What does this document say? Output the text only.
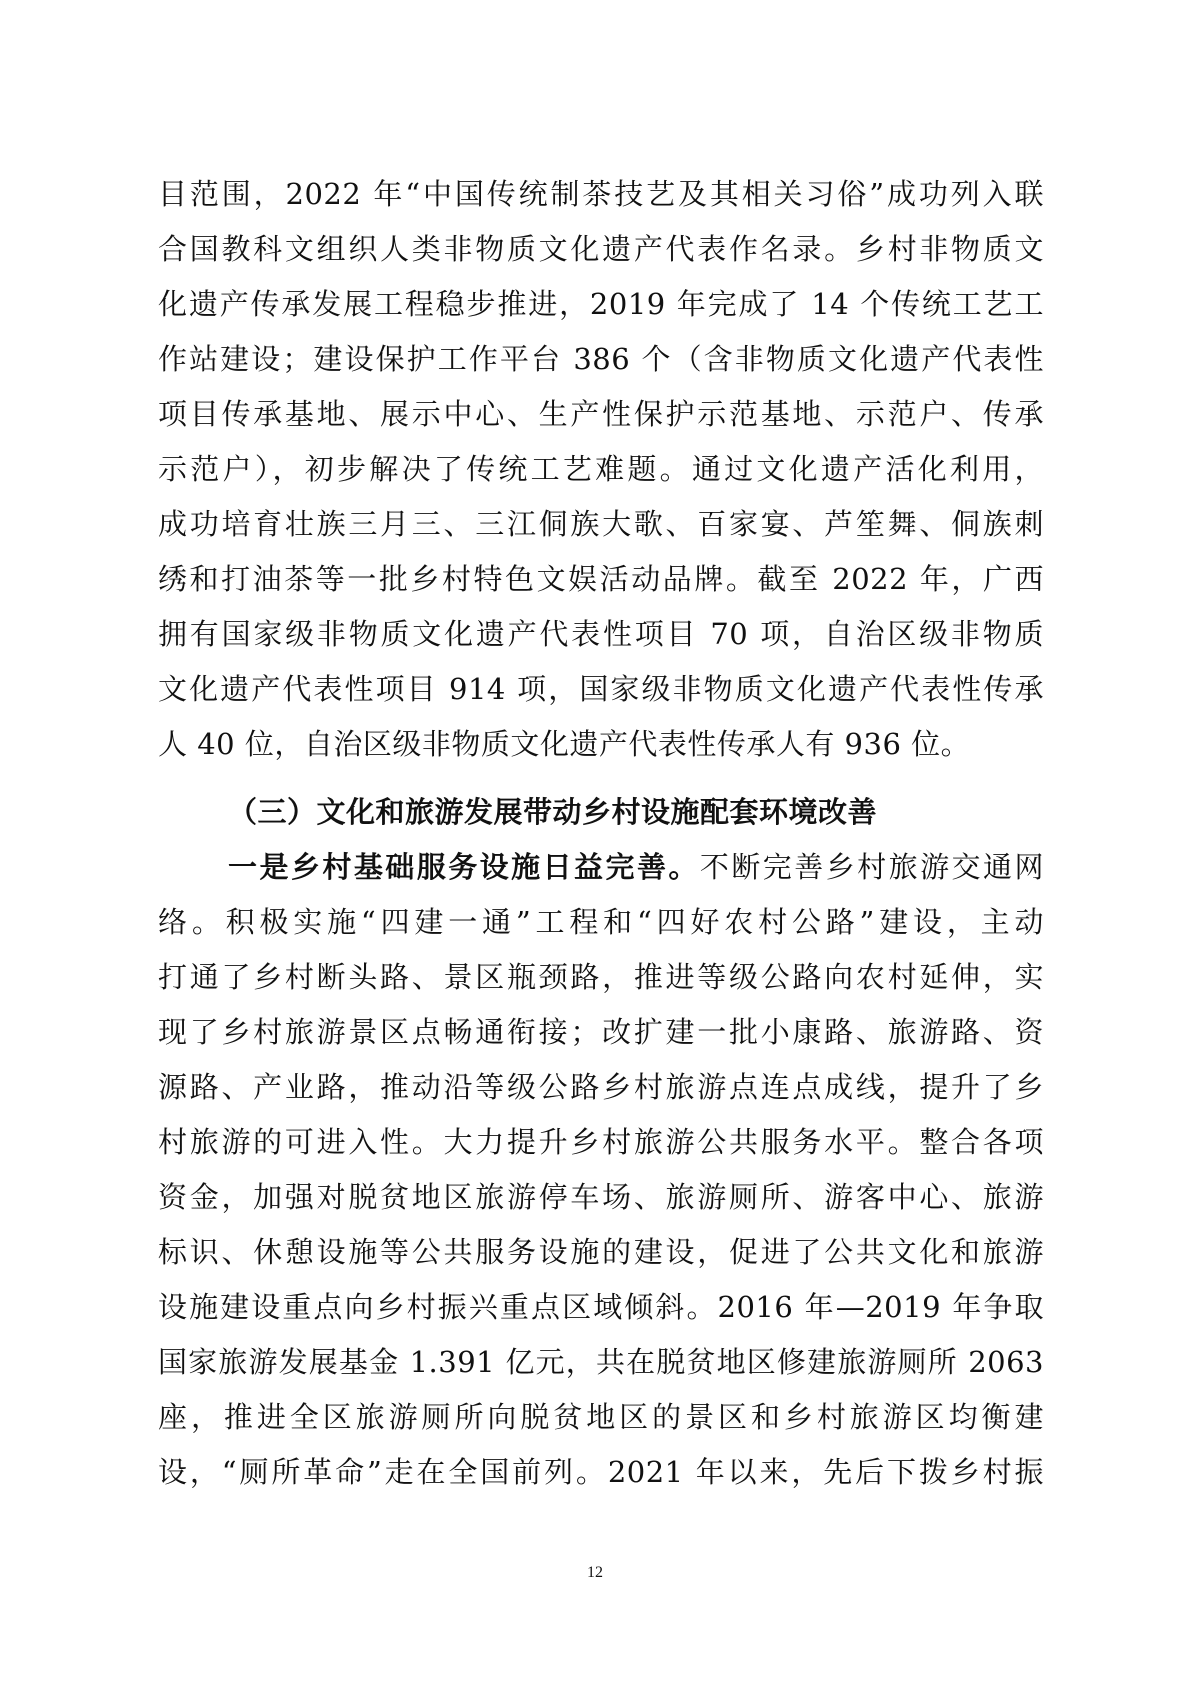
目范围，2022 年“中国传统制茶技艺及其相关习俗”成功列入联
合国教科文组织人类非物质文化遗产代表作名录。乡村非物质文
化遗产传承发展工程稳步推进，2019 年完成了 14 个传统工艺工
作站建设；建设保护工作平台 386 个（含非物质文化遗产代表性
项目传承基地、展示中心、生产性保护示范基地、示范户、传承
示范户），初步解决了传统工艺难题。通过文化遗产活化利用，
成功培育壮族三月三、三江侗族大歌、百家宴、芦笙舞、侗族刺
绣和打油茶等一批乡村特色文娱活动品牌。截至 2022 年，广西
拥有国家级非物质文化遗产代表性项目 70 项，自治区级非物质
文化遗产代表性项目 914 项，国家级非物质文化遗产代表性传承
人 40 位，自治区级非物质文化遗产代表性传承人有 936 位。
（三）文化和旅游发展带动乡村设施配套环境改善
一是乡村基础服务设施日益完善。不断完善乡村旅游交通网
络。积极实施“四建一通”工程和“四好农村公路”建设，主动
打通了乡村断头路、景区瓶颈路，推进等级公路向农村延伸，实
现了乡村旅游景区点畅通衔接；改扩建一批小康路、旅游路、资
源路、产业路，推动沿等级公路乡村旅游点连点成线，提升了乡
村旅游的可进入性。大力提升乡村旅游公共服务水平。整合各项
资金，加强对脱贫地区旅游停车场、旅游厕所、游客中心、旅游
标识、休憩设施等公共服务设施的建设，促进了公共文化和旅游
设施建设重点向乡村振兴重点区域倾斜。2016 年—2019 年争取
国家旅游发展基金 1.391 亿元，共在脱贫地区修建旅游厕所 2063
座，推进全区旅游厕所向脱贫地区的景区和乡村旅游区均衡建
设，“厕所革命”走在全国前列。2021 年以来，先后下拨乡村振
12
